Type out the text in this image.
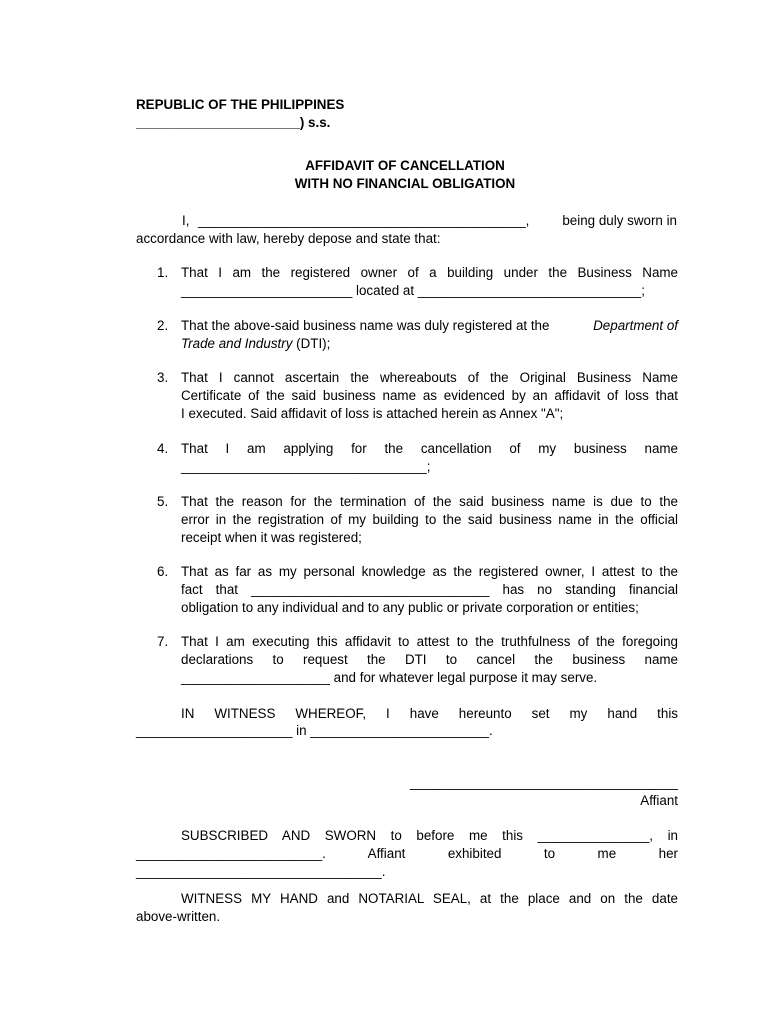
REPUBLIC OF THE PHILIPPINES
______________________) s.s.
AFFIDAVIT OF CANCELLATION
WITH NO FINANCIAL OBLIGATION
I, ____________________________________________,	being duly sworn in
accordance with law, hereby depose and state that:
1. That I am the registered owner of a building under the Business Name
_______________________ located at ______________________________;
2. That the above-said business name was duly registered at the	Department of
Trade and Industry (DTI);
3. That I cannot ascertain the whereabouts of the Original Business Name
Certificate of the said business name as evidenced by an affidavit of loss that
I executed. Said affidavit of loss is attached herein as Annex "A";
4. That I am applying for the cancellation of my business name
_________________________________;
5. That the reason for the termination of the said business name is due to the
error in the registration of my building to the said business name in the official
receipt when it was registered;
6. That as far as my personal knowledge as the registered owner, I attest to the
fact that ________________________________ has no standing financial
obligation to any individual and to any public or private corporation or entities;
7. That I am executing this affidavit to attest to the truthfulness of the foregoing
declarations to request the DTI to cancel the business name
____________________ and for whatever legal purpose it may serve.
IN WITNESS WHEREOF, I have hereunto set my hand this
_____________________ in ________________________.
____________________________________
Affiant
SUBSCRIBED AND SWORN to before me this _______________, in
_________________________. Affiant exhibited to me her
_________________________________.
WITNESS MY HAND and NOTARIAL SEAL, at the place and on the date
above-written.
